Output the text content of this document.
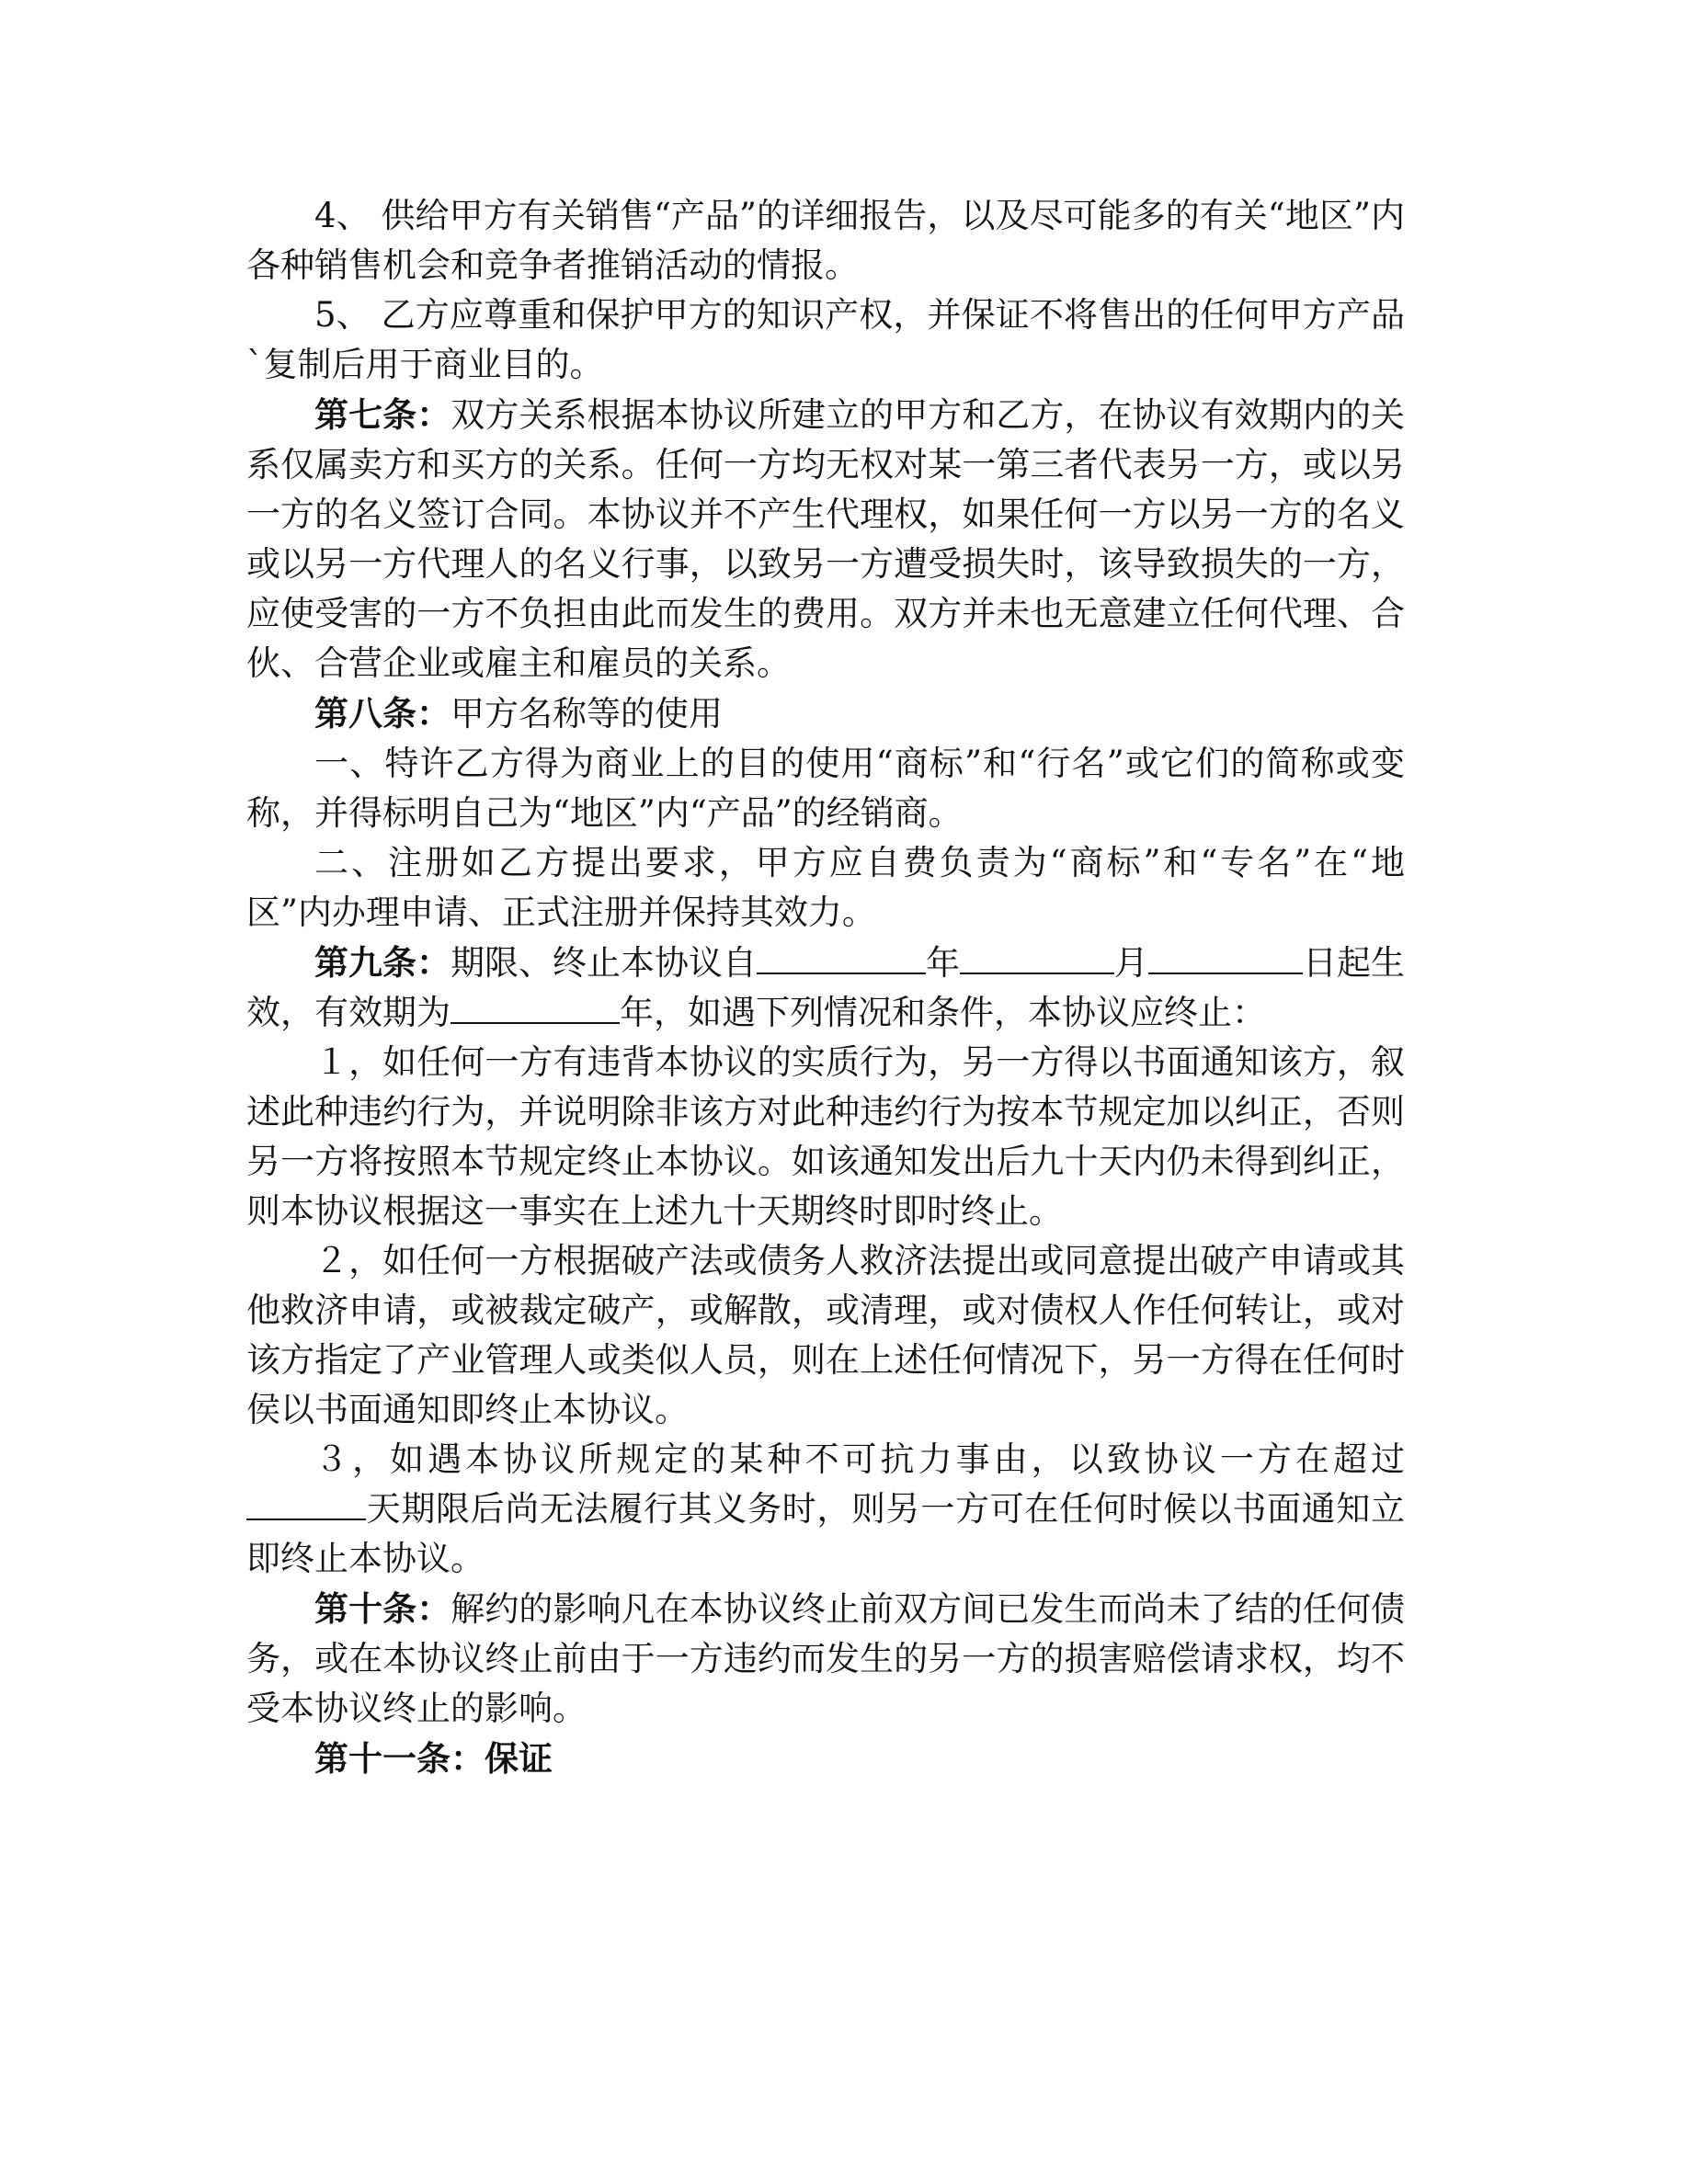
4、 供给甲方有关销售“产品”的详细报告，以及尽可能多的有关“地区”内各种销售机会和竞争者推销活动的情报。

5、 乙方应尊重和保护甲方的知识产权，并保证不将售出的任何甲方产品`复制后用于商业目的。

第七条：双方关系根据本协议所建立的甲方和乙方，在协议有效期内的关系仅属卖方和买方的关系。任何一方均无权对某一第三者代表另一方，或以另一方的名义签订合同。本协议并不产生代理权，如果任何一方以另一方的名义或以另一方代理人的名义行事，以致另一方遭受损失时，该导致损失的一方，应使受害的一方不负担由此而发生的费用。双方并未也无意建立任何代理、合伙、合营企业或雇主和雇员的关系。

第八条：甲方名称等的使用

一、特许乙方得为商业上的目的使用“商标”和“行名”或它们的简称或变称，并得标明自己为“地区”内“产品”的经销商。

二、注册如乙方提出要求，甲方应自费负责为“商标”和“专名”在“地区”内办理申请、正式注册并保持其效力。

第九条：期限、终止本协议自	年	月	日起生效，有效期为	年，如遇下列情况和条件，本协议应终止：

１，如任何一方有违背本协议的实质行为，另一方得以书面通知该方，叙述此种违约行为，并说明除非该方对此种违约行为按本节规定加以纠正，否则另一方将按照本节规定终止本协议。如该通知发出后九十天内仍未得到纠正，则本协议根据这一事实在上述九十天期终时即时终止。

２，如任何一方根据破产法或债务人救济法提出或同意提出破产申请或其他救济申请，或被裁定破产，或解散，或清理，或对债权人作任何转让，或对该方指定了产业管理人或类似人员，则在上述任何情况下，另一方得在任何时侯以书面通知即终止本协议。

３，如遇本协议所规定的某种不可抗力事由，以致协议一方在超过天期限后尚无法履行其义务时，则另一方可在任何时候以书面通知立即终止本协议。

第十条：解约的影响凡在本协议终止前双方间已发生而尚未了结的任何债务，或在本协议终止前由于一方违约而发生的另一方的损害赔偿请求权，均不受本协议终止的影响。

第十一条：保证
